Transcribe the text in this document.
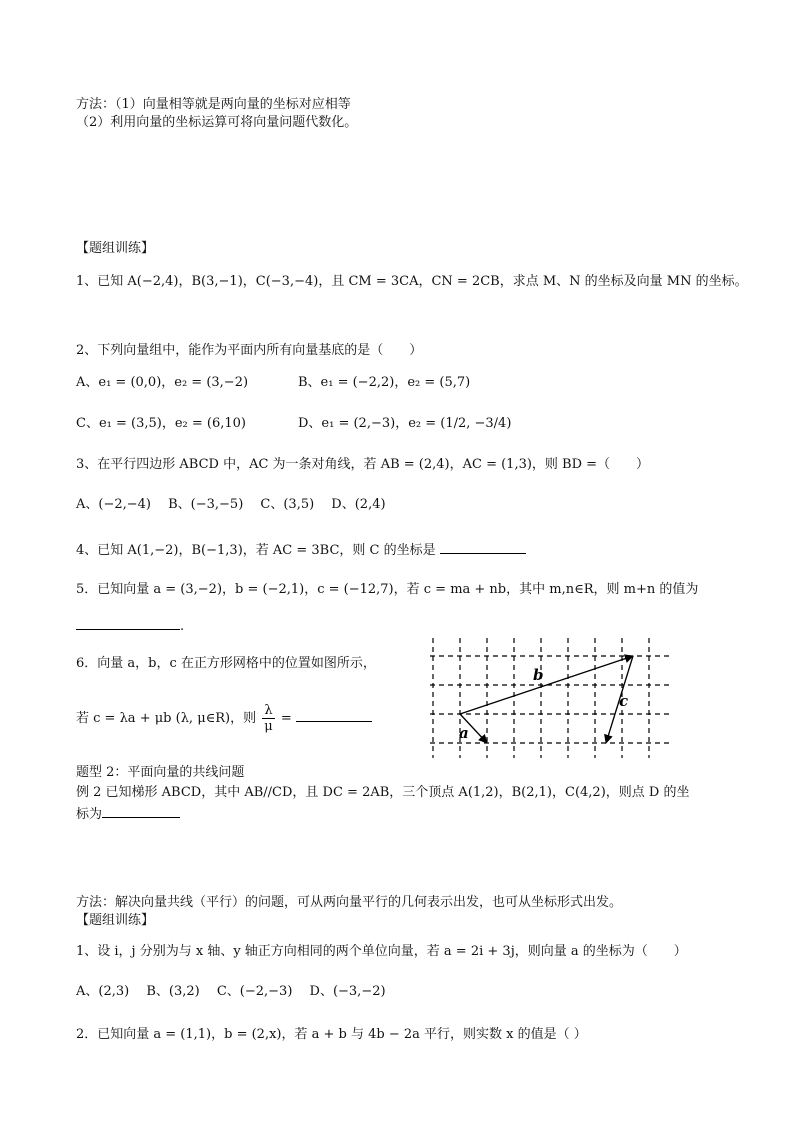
方法：（1）向量相等就是两向量的坐标对应相等
（2）利用向量的坐标运算可将向量问题代数化。
【题组训练】
1、已知 A(−2,4)，B(3,−1)，C(−3,−4)，且 CM = 3CA，CN = 2CB，求点 M、N 的坐标及向量 MN 的坐标。
2、下列向量组中，能作为平面内所有向量基底的是（　　）
A、e₁ = (0,0)，e₂ = (3,−2)	B、e₁ = (−2,2)，e₂ = (5,7)
C、e₁ = (3,5)，e₂ = (6,10)	D、e₁ = (2,−3)，e₂ = (1/2, −3/4)
3、在平行四边形 ABCD 中，AC 为一条对角线，若 AB = (2,4)，AC = (1,3)，则 BD =（　　）
A、(−2,−4)　 B、(−3,−5)　 C、(3,5)　 D、(2,4)
4、已知 A(1,−2)，B(−1,3)，若 AC = 3BC，则 C 的坐标是
5．已知向量 a = (3,−2)，b = (−2,1)，c = (−12,7)，若 c = ma + nb，其中 m,n∈R，则 m+n 的值为
.
6．向量 a，b，c 在正方形网格中的位置如图所示，
若 c = λa + μb (λ, μ∈R)，则 $\frac{\lambda}{\mu}$ =
b
a
c
题型 2：平面向量的共线问题
例 2 已知梯形 ABCD，其中 AB//CD，且 DC = 2AB，三个顶点 A(1,2)，B(2,1)，C(4,2)，则点 D 的坐
标为
方法：解决向量共线（平行）的问题，可从两向量平行的几何表示出发，也可从坐标形式出发。
【题组训练】
1、设 i，j 分别为与 x 轴、y 轴正方向相同的两个单位向量，若 a = 2i + 3j，则向量 a 的坐标为（　　）
A、(2,3)　 B、(3,2)　 C、(−2,−3)　 D、(−3,−2)
2．已知向量 a = (1,1)，b = (2,x)，若 a + b 与 4b − 2a 平行，则实数 x 的值是（ ）
